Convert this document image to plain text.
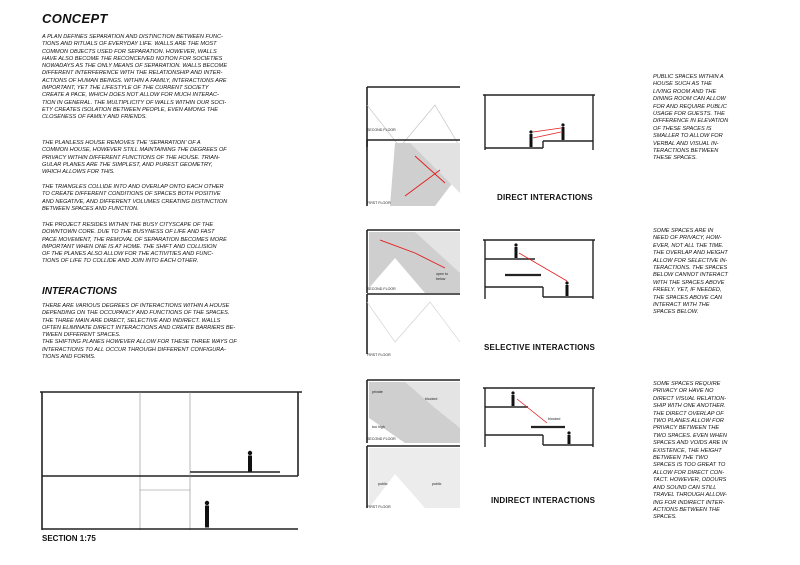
CONCEPT
A PLAN DEFINES SEPARATION AND DISTINCTION BETWEEN FUNC-
TIONS AND RITUALS OF EVERYDAY LIFE. WALLS ARE THE MOST
COMMON OBJECTS USED FOR SEPARATION. HOWEVER, WALLS
HAVE ALSO BECOME THE RECONCEIVED NOTION FOR SOCIETIES
NOWADAYS AS THE ONLY MEANS OF SEPARATION. WALLS BECOME
DIFFERENT INTERFERENCE WITH THE RELATIONSHIP AND INTER-
ACTIONS OF HUMAN BEINGS. WITHIN A FAMILY, INTERACTIONS ARE
IMPORTANT, YET THE LIFESTYLE OF THE CURRENT SOCIETY
CREATE A PACE, WHICH DOES NOT ALLOW FOR MUCH INTERAC-
TION IN GENERAL. THE MULTIPLICITY OF WALLS WITHIN OUR SOCI-
ETY CREATES ISOLATION BETWEEN PEOPLE, EVEN AMONG THE
CLOSENESS OF FAMILY AND FRIENDS.
THE PLANLESS HOUSE REMOVES THE 'SEPARATION' OF A
COMMON HOUSE, HOWEVER STILL MAINTAINING THE DEGREES OF
PRIVACY WITHIN DIFFERENT FUNCTIONS OF THE HOUSE. TRIAN-
GULAR PLANES ARE THE SIMPLEST, AND PUREST GEOMETRY,
WHICH ALLOWS FOR THIS.
THE TRIANGLES COLLIDE INTO AND OVERLAP ONTO EACH OTHER
TO CREATE DIFFERENT CONDITIONS OF SPACES BOTH POSITIVE
AND NEGATIVE, AND DIFFERENT VOLUMES CREATING DISTINCTION
BETWEEN SPACES AND FUNCTION.
THE PROJECT RESIDES WITHIN THE BUSY CITYSCAPE OF THE
DOWNTOWN CORE. DUE TO THE BUSYNESS OF LIFE AND FAST
PACE MOVEMENT, THE REMOVAL OF SEPARATION BECOMES MORE
IMPORTANT WHEN ONE IS AT HOME. THE SHIFT AND COLLISION
OF THE PLANES ALSO ALLOW FOR THE ACTIVITIES AND FUNC-
TIONS OF LIFE TO COLLIDE AND JOIN INTO EACH OTHER.
INTERACTIONS
THERE ARE VARIOUS DEGREES OF INTERACTIONS WITHIN A HOUSE
DEPENDING ON THE OCCUPANCY AND FUNCTIONS OF THE SPACES.
THE THREE MAIN ARE DIRECT, SELECTIVE AND INDIRECT. WALLS
OFTEN ELIMINATE DIRECT INTERACTIONS AND CREATE BARRIERS BE-
TWEEN DIFFERENT SPACES.
THE SHIFTING PLANES HOWEVER ALLOW FOR THESE THREE WAYS OF
INTERACTIONS TO ALL OCCUR THROUGH DIFFERENT CONFIGURA-
TIONS AND FORMS.
SECTION 1:75
SECOND FLOOR
FIRST FLOOR
DIRECT INTERACTIONS
PUBLIC SPACES WITHIN A
HOUSE SUCH AS THE
LIVING ROOM AND THE
DINING ROOM CAN ALLOW
FOR AND REQUIRE PUBLIC
USAGE FOR GUESTS. THE
DIFFERENCE IN ELEVATION
OF THESE SPACES IS
SMALLER TO ALLOW FOR
VERBAL AND VISUAL IN-
TERACTIONS BETWEEN
THESE SPACES.
open to
below
SECOND FLOOR
FIRST FLOOR
SELECTIVE INTERACTIONS
SOME SPACES ARE IN
NEED OF PRIVACY, HOW-
EVER, NOT ALL THE TIME.
THE OVERLAP AND HEIGHT
ALLOW FOR SELECTIVE IN-
TERACTIONS. THE SPACES
BELOW CANNOT INTERACT
WITH THE SPACES ABOVE
FREELY. YET, IF NEEDED,
THE SPACES ABOVE CAN
INTERACT WITH THE
SPACES BELOW.
private
blocked
too high
SECOND FLOOR
public	public
FIRST FLOOR
blocked
INDIRECT INTERACTIONS
SOME SPACES REQUIRE
PRIVACY OR HAVE NO
DIRECT VISUAL RELATION-
SHIP WITH ONE ANOTHER.
THE DIRECT OVERLAP OF
TWO PLANES ALLOW FOR
PRIVACY BETWEEN THE
TWO SPACES. EVEN WHEN
SPACES AND VOIDS ARE IN
EXISTENCE, THE HEIGHT
BETWEEN THE TWO
SPACES IS TOO GREAT TO
ALLOW FOR DIRECT CON-
TACT. HOWEVER, ODOURS
AND SOUND CAN STILL
TRAVEL THROUGH ALLOW-
ING FOR INDIRECT INTER-
ACTIONS BETWEEN THE
SPACES.
